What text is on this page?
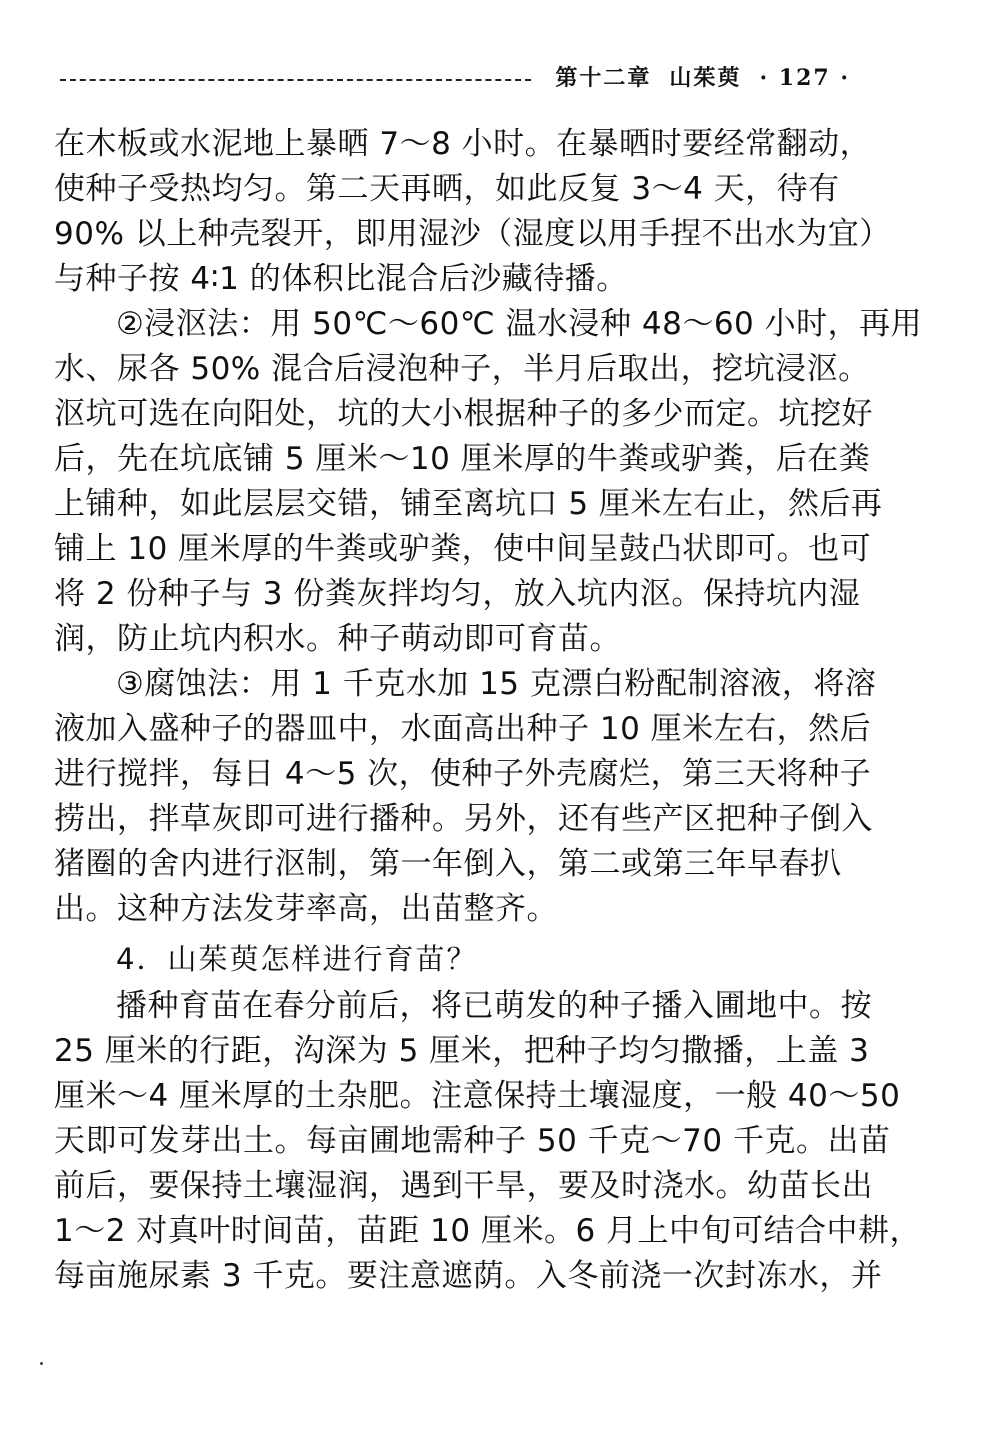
第十二章 山茱萸 · 127 ·
在木板或水泥地上暴晒 7～8 小时。在暴晒时要经常翻动，
使种子受热均匀。第二天再晒，如此反复 3～4 天，待有
90% 以上种壳裂开，即用湿沙（湿度以用手捏不出水为宜）
与种子按 4∶1 的体积比混合后沙藏待播。
②浸沤法：用 50℃～60℃ 温水浸种 48～60 小时，再用
水、尿各 50% 混合后浸泡种子，半月后取出，挖坑浸沤。
沤坑可选在向阳处，坑的大小根据种子的多少而定。坑挖好
后，先在坑底铺 5 厘米～10 厘米厚的牛粪或驴粪，后在粪
上铺种，如此层层交错，铺至离坑口 5 厘米左右止，然后再
铺上 10 厘米厚的牛粪或驴粪，使中间呈鼓凸状即可。也可
将 2 份种子与 3 份粪灰拌均匀，放入坑内沤。保持坑内湿
润，防止坑内积水。种子萌动即可育苗。
③腐蚀法：用 1 千克水加 15 克漂白粉配制溶液，将溶
液加入盛种子的器皿中，水面高出种子 10 厘米左右，然后
进行搅拌，每日 4～5 次，使种子外壳腐烂，第三天将种子
捞出，拌草灰即可进行播种。另外，还有些产区把种子倒入
猪圈的舍内进行沤制，第一年倒入，第二或第三年早春扒
出。这种方法发芽率高，出苗整齐。
4．山茱萸怎样进行育苗？
播种育苗在春分前后，将已萌发的种子播入圃地中。按
25 厘米的行距，沟深为 5 厘米，把种子均匀撒播，上盖 3
厘米～4 厘米厚的土杂肥。注意保持土壤湿度，一般 40～50
天即可发芽出土。每亩圃地需种子 50 千克～70 千克。出苗
前后，要保持土壤湿润，遇到干旱，要及时浇水。幼苗长出
1～2 对真叶时间苗，苗距 10 厘米。6 月上中旬可结合中耕，
每亩施尿素 3 千克。要注意遮荫。入冬前浇一次封冻水，并
